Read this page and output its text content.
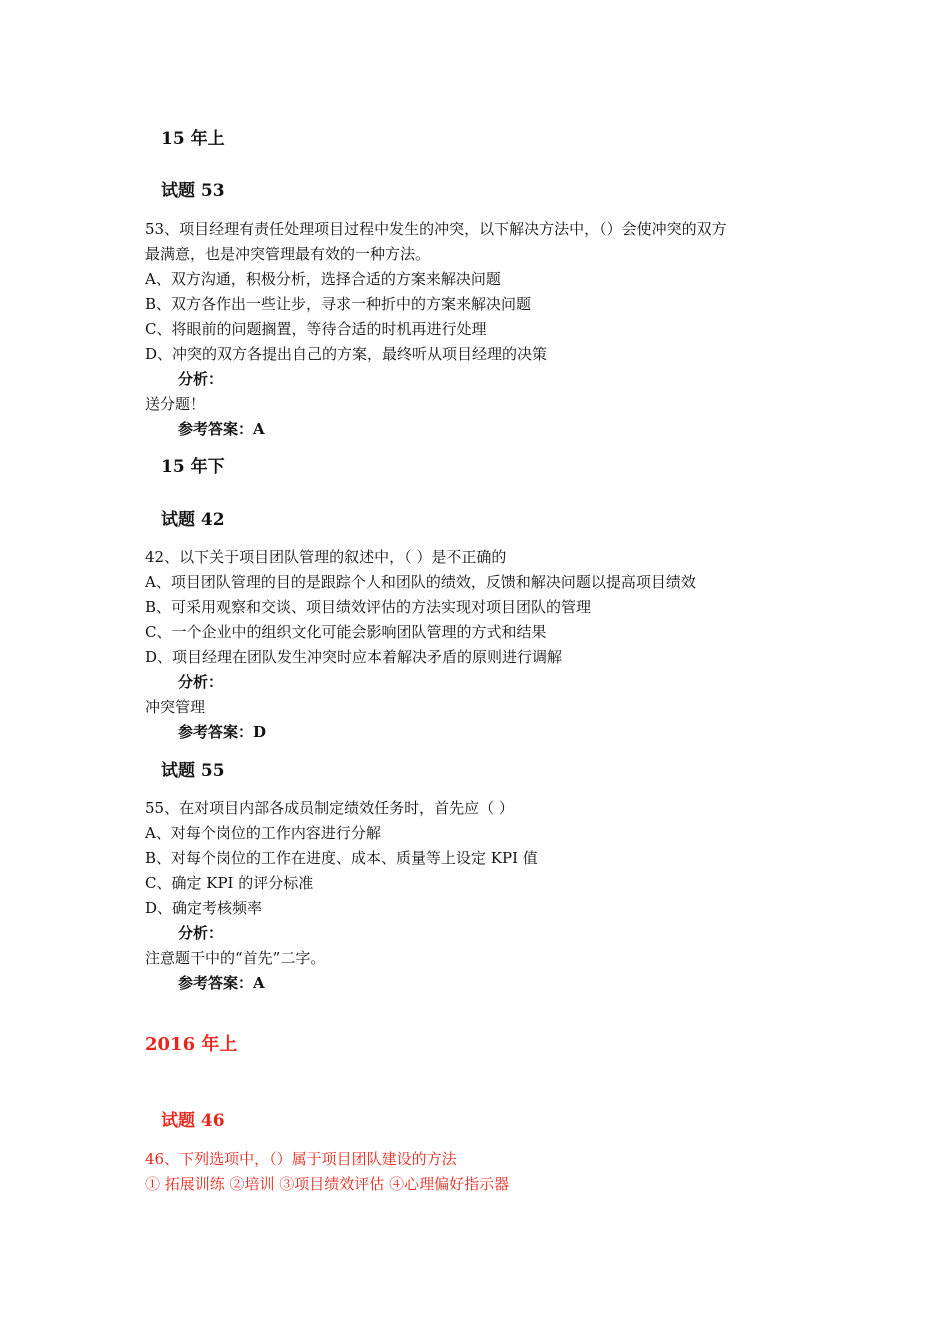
15 年上
试题 53
53、项目经理有责任处理项目过程中发生的冲突，以下解决方法中，（）会使冲突的双方
最满意，也是冲突管理最有效的一种方法。
A、双方沟通，积极分析，选择合适的方案来解决问题
B、双方各作出一些让步，寻求一种折中的方案来解决问题
C、将眼前的问题搁置，等待合适的时机再进行处理
D、冲突的双方各提出自己的方案，最终听从项目经理的决策
分析：
送分题！
参考答案：A
15 年下
试题 42
42、以下关于项目团队管理的叙述中，（ ）是不正确的
A、项目团队管理的目的是跟踪个人和团队的绩效，反馈和解决问题以提高项目绩效
B、可采用观察和交谈、项目绩效评估的方法实现对项目团队的管理
C、一个企业中的组织文化可能会影响团队管理的方式和结果
D、项目经理在团队发生冲突时应本着解决矛盾的原则进行调解
分析：
冲突管理
参考答案：D
试题 55
55、在对项目内部各成员制定绩效任务时，首先应（ ）
A、对每个岗位的工作内容进行分解
B、对每个岗位的工作在进度、成本、质量等上设定 KPI 值
C、确定 KPI 的评分标准
D、确定考核频率
分析：
注意题干中的“首先”二字。
参考答案：A
2016 年上
试题 46
46、下列选项中，（）属于项目团队建设的方法
① 拓展训练 ②培训 ③项目绩效评估 ④心理偏好指示器
